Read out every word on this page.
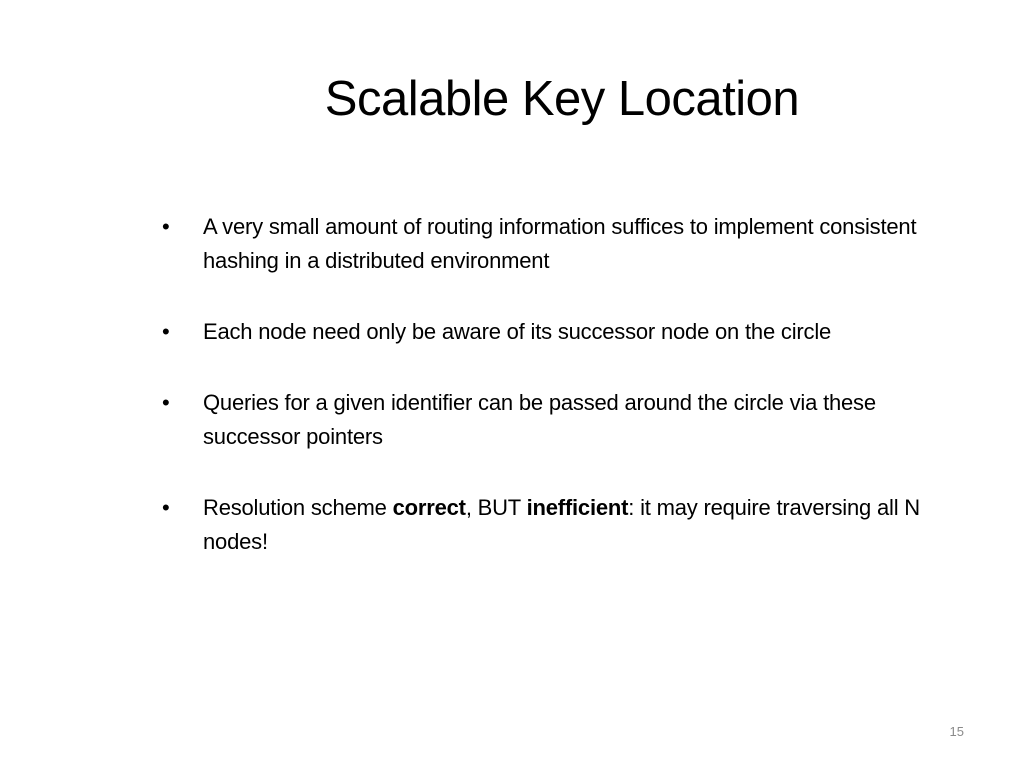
Scalable Key Location
•	A very small amount of routing information suffices to implement consistent hashing in a distributed environment
•	Each node need only be aware of its successor node on the circle
•	Queries for a given identifier can be passed around the circle via these successor pointers
•	Resolution scheme correct, BUT inefficient: it may require traversing all N nodes!
15
